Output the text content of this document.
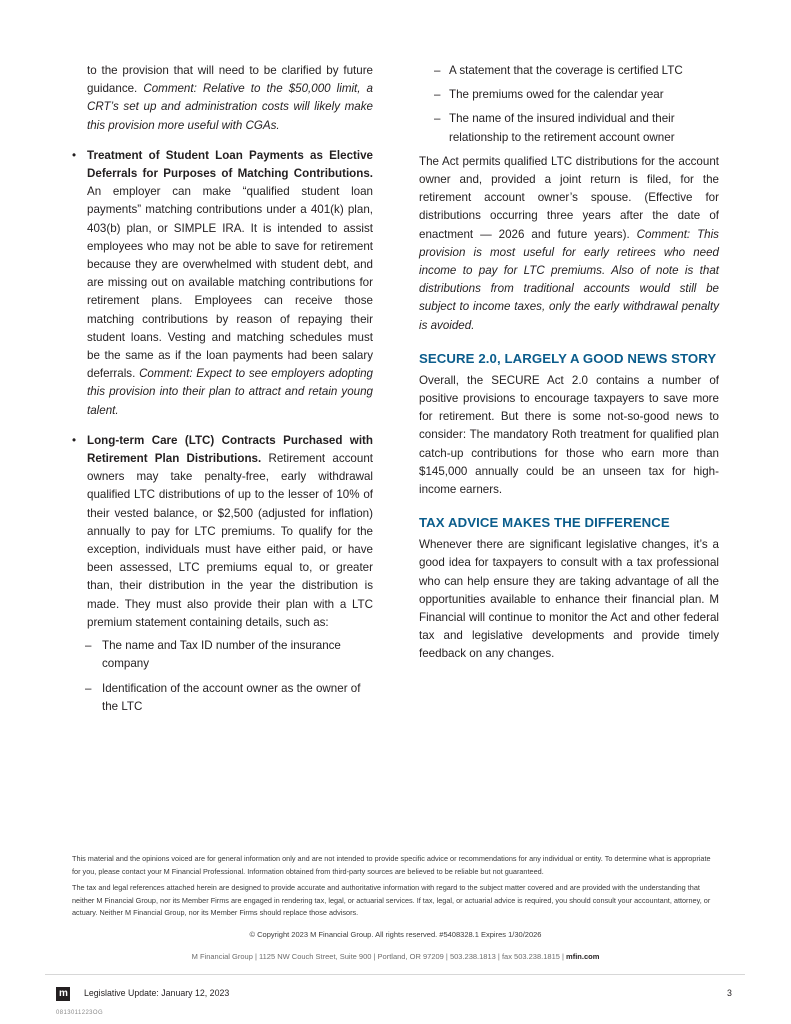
to the provision that will need to be clarified by future guidance. Comment: Relative to the $50,000 limit, a CRT’s set up and administration costs will likely make this provision more useful with CGAs.

• Treatment of Student Loan Payments as Elective Deferrals for Purposes of Matching Contributions. An employer can make “qualified student loan payments” matching contributions under a 401(k) plan, 403(b) plan, or SIMPLE IRA. It is intended to assist employees who may not be able to save for retirement because they are overwhelmed with student debt, and are missing out on available matching contributions for retirement plans. Employees can receive those matching contributions by reason of repaying their student loans. Vesting and matching schedules must be the same as if the loan payments had been salary deferrals. Comment: Expect to see employers adopting this provision into their plan to attract and retain young talent.

• Long-term Care (LTC) Contracts Purchased with Retirement Plan Distributions. Retirement account owners may take penalty-free, early withdrawal qualified LTC distributions of up to the lesser of 10% of their vested balance, or $2,500 (adjusted for inflation) annually to pay for LTC premiums. To qualify for the exception, individuals must have either paid, or have been assessed, LTC premiums equal to, or greater than, their distribution in the year the distribution is made. They must also provide their plan with a LTC premium statement containing details, such as:

– The name and Tax ID number of the insurance company
– Identification of the account owner as the owner of the LTC
– A statement that the coverage is certified LTC
– The premiums owed for the calendar year
– The name of the insured individual and their relationship to the retirement account owner

The Act permits qualified LTC distributions for the account owner and, provided a joint return is filed, for the retirement account owner’s spouse. (Effective for distributions occurring three years after the date of enactment — 2026 and future years). Comment: This provision is most useful for early retirees who need income to pay for LTC premiums. Also of note is that distributions from traditional accounts would still be subject to income taxes, only the early withdrawal penalty is avoided.

SECURE 2.0, LARGELY A GOOD NEWS STORY

Overall, the SECURE Act 2.0 contains a number of positive provisions to encourage taxpayers to save more for retirement. But there is some not-so-good news to consider: The mandatory Roth treatment for qualified plan catch-up contributions for those who earn more than $145,000 annually could be an unseen tax for high-income earners.

TAX ADVICE MAKES THE DIFFERENCE

Whenever there are significant legislative changes, it’s a good idea for taxpayers to consult with a tax professional who can help ensure they are taking advantage of all the opportunities available to enhance their financial plan. M Financial will continue to monitor the Act and other federal tax and legislative developments and provide timely feedback on any changes.

This material and the opinions voiced are for general information only and are not intended to provide specific advice or recommendations for any individual or entity. To determine what is appropriate for you, please contact your M Financial Professional. Information obtained from third-party sources are believed to be reliable but not guaranteed.

The tax and legal references attached herein are designed to provide accurate and authoritative information with regard to the subject matter covered and are provided with the understanding that neither M Financial Group, nor its Member Firms are engaged in rendering tax, legal, or actuarial services. If tax, legal, or actuarial advice is required, you should consult your accountant, attorney, or actuary. Neither M Financial Group, nor its Member Firms should replace those advisors.

© Copyright 2023 M Financial Group. All rights reserved. #5408328.1 Expires 1/30/2026
M Financial Group | 1125 NW Couch Street, Suite 900 | Portland, OR 97209 | 503.238.1813 | fax 503.238.1815 | mfin.com
m Legislative Update: January 12, 2023	3
0813011223OG
